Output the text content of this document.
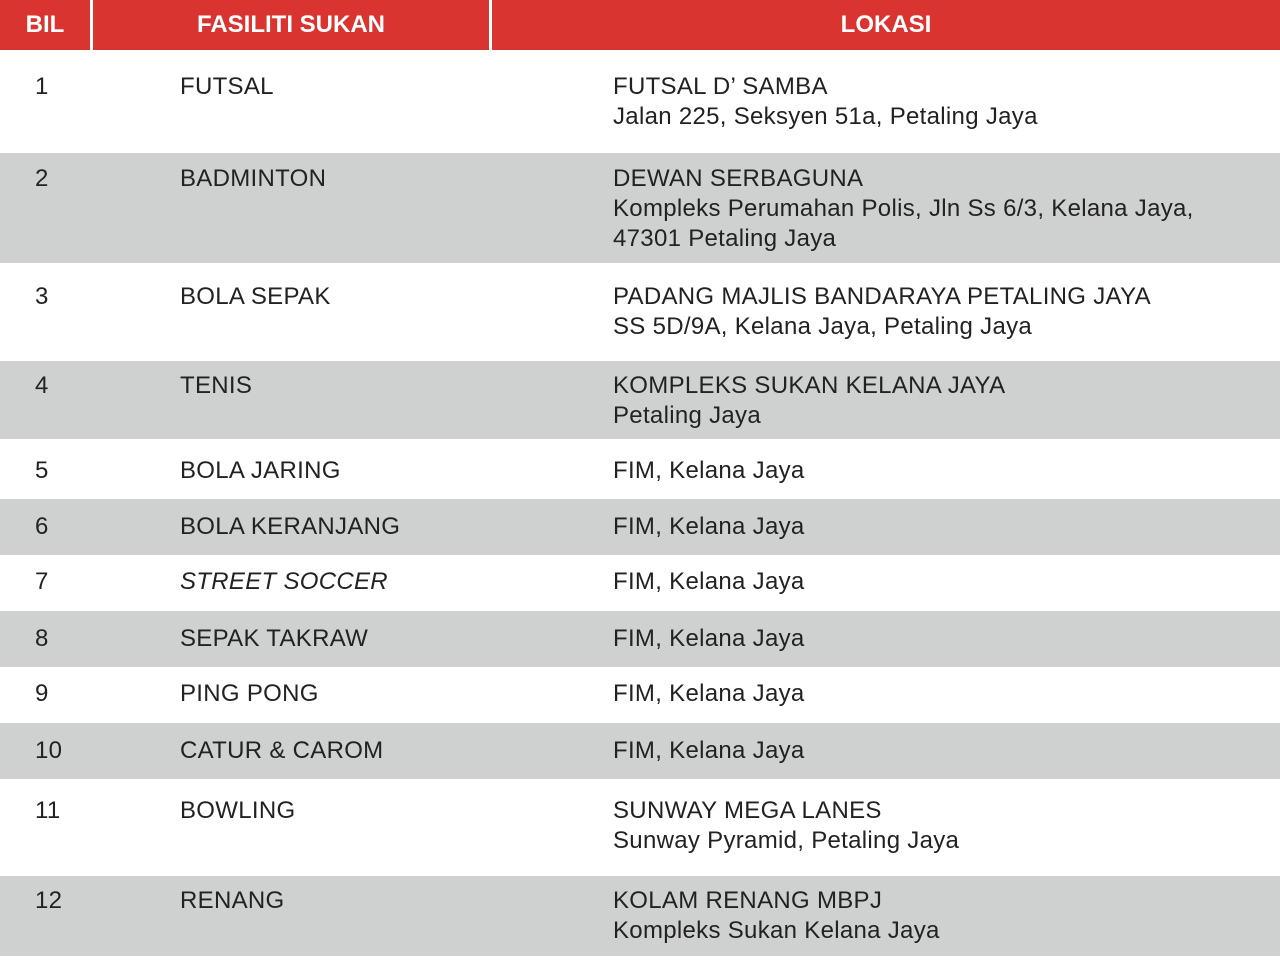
BIL	FASILITI SUKAN	LOKASI
1	FUTSAL	FUTSAL D’ SAMBA
Jalan 225, Seksyen 51a, Petaling Jaya
2	BADMINTON	DEWAN SERBAGUNA
Kompleks Perumahan Polis, Jln Ss 6/3, Kelana Jaya,
47301 Petaling Jaya
3	BOLA SEPAK	PADANG MAJLIS BANDARAYA PETALING JAYA
SS 5D/9A, Kelana Jaya, Petaling Jaya
4	TENIS	KOMPLEKS SUKAN KELANA JAYA
Petaling Jaya
5	BOLA JARING	FIM, Kelana Jaya
6	BOLA KERANJANG	FIM, Kelana Jaya
7	STREET SOCCER	FIM, Kelana Jaya
8	SEPAK TAKRAW	FIM, Kelana Jaya
9	PING PONG	FIM, Kelana Jaya
10	CATUR & CAROM	FIM, Kelana Jaya
11	BOWLING	SUNWAY MEGA LANES
Sunway Pyramid, Petaling Jaya
12	RENANG	KOLAM RENANG MBPJ
Kompleks Sukan Kelana Jaya
